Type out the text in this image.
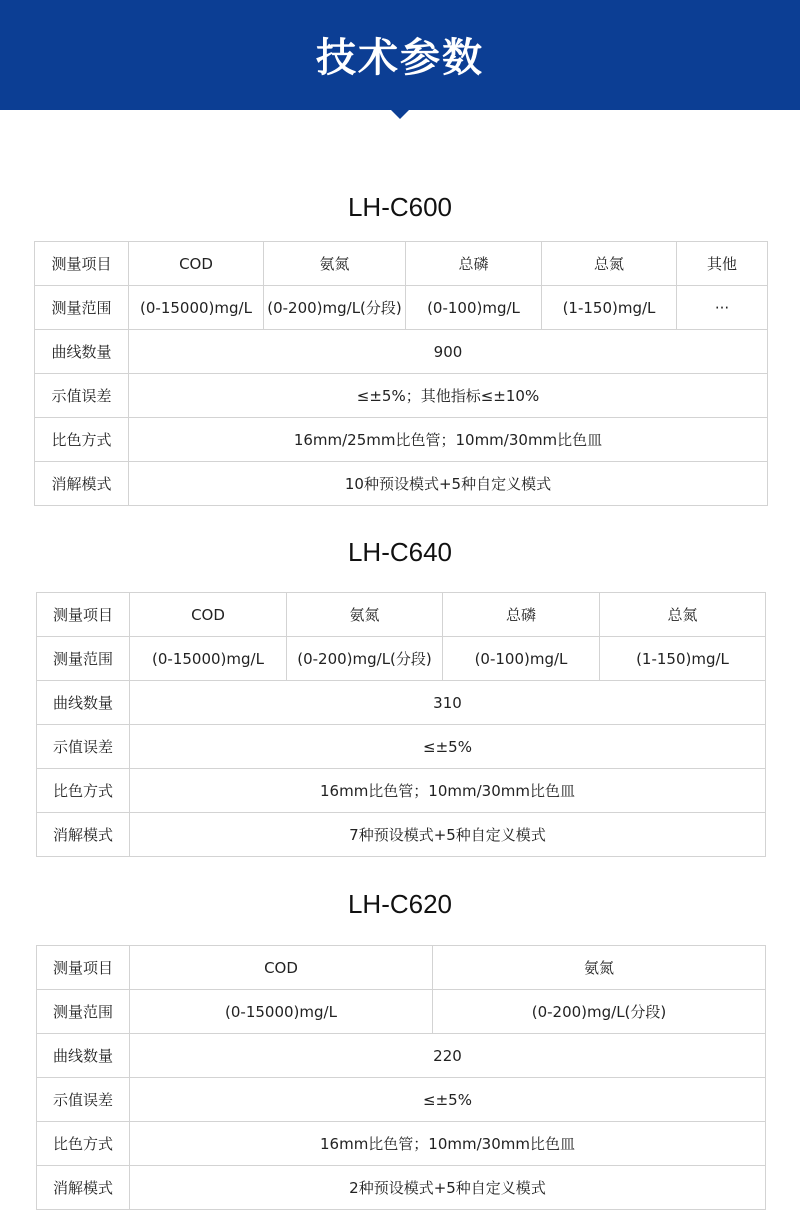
技术参数
LH-C600
测量项目	COD	氨氮	总磷	总氮	其他
测量范围	(0-15000)mg/L	(0-200)mg/L(分段)	(0-100)mg/L	(1-150)mg/L	···
曲线数量	900				
示值误差	≤±5%；其他指标≤±10%				
比色方式	16mm/25mm比色管；10mm/30mm比色皿				
消解模式	10种预设模式+5种自定义模式				
LH-C640
测量项目	COD	氨氮	总磷	总氮
测量范围	(0-15000)mg/L	(0-200)mg/L(分段)	(0-100)mg/L	(1-150)mg/L
曲线数量	310			
示值误差	≤±5%			
比色方式	16mm比色管；10mm/30mm比色皿			
消解模式	7种预设模式+5种自定义模式			
LH-C620
测量项目	COD	氨氮
测量范围	(0-15000)mg/L	(0-200)mg/L(分段)
曲线数量	220	
示值误差	≤±5%	
比色方式	16mm比色管；10mm/30mm比色皿	
消解模式	2种预设模式+5种自定义模式	
